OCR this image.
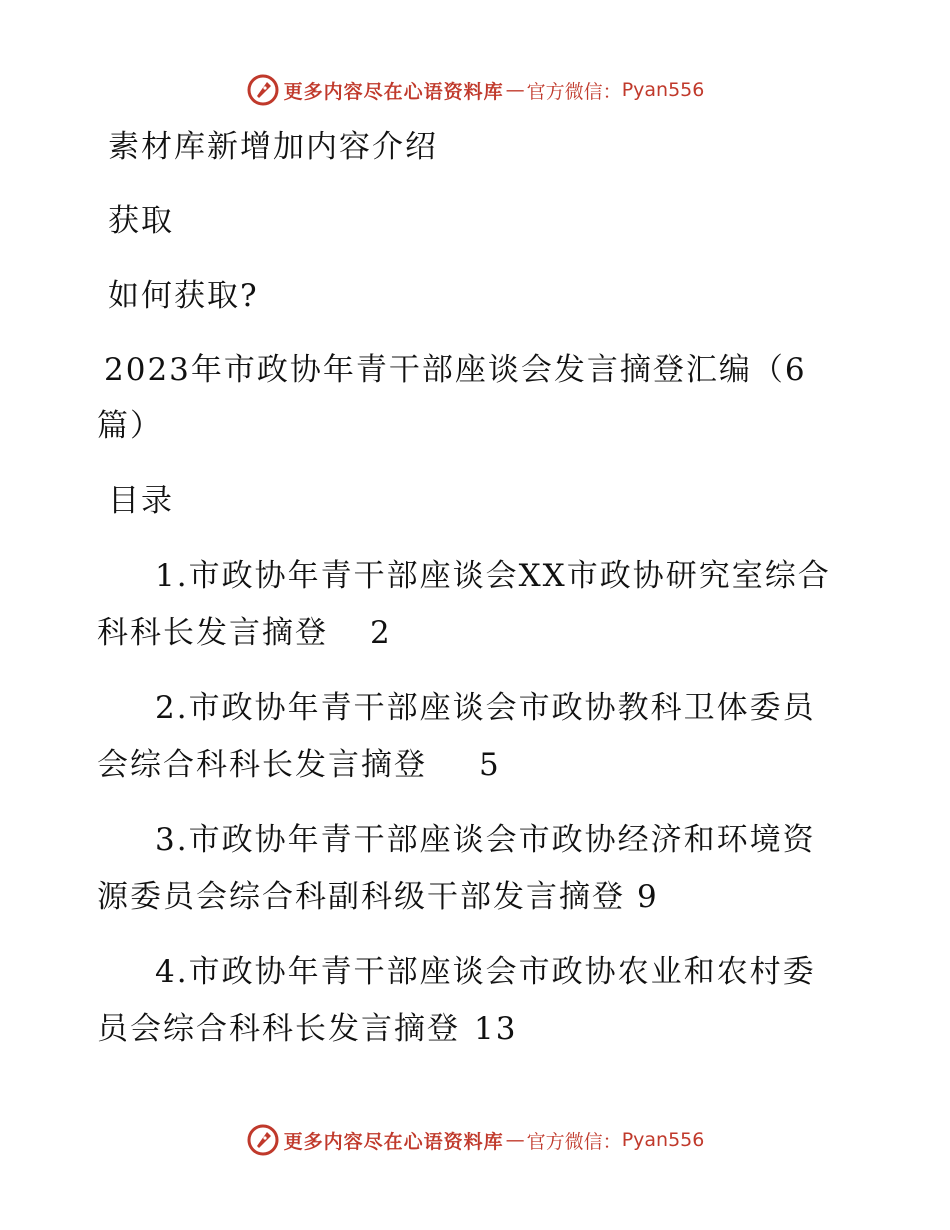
更多内容尽在心语资料库 — 官方微信： Pyan556
素材库新增加内容介绍
获取
如何获取?
2023年市政协年青干部座谈会发言摘登汇编（6
篇）
目录
1.市政协年青干部座谈会XX市政协研究室综合
科科长发言摘登 2
2.市政协年青干部座谈会市政协教科卫体委员
会综合科科长发言摘登 5
3.市政协年青干部座谈会市政协经济和环境资
源委员会综合科副科级干部发言摘登 9
4.市政协年青干部座谈会市政协农业和农村委
员会综合科科长发言摘登 13
更多内容尽在心语资料库 — 官方微信： Pyan556
